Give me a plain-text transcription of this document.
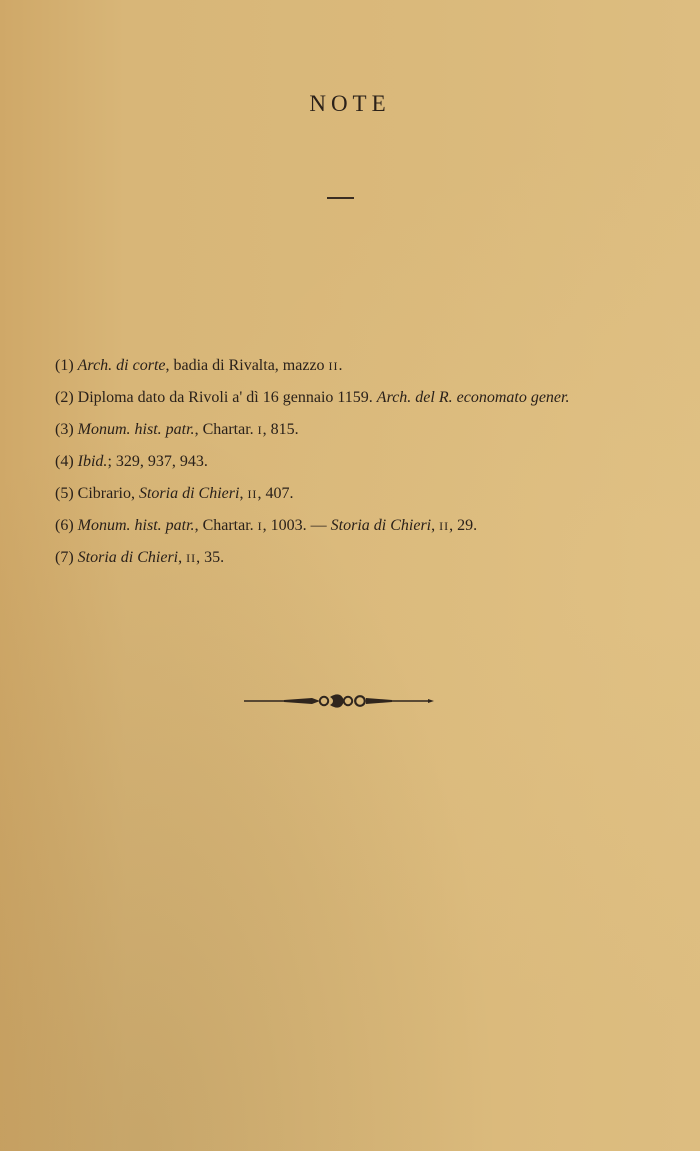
NOTE

(1) Arch. di corte, badia di Rivalta, mazzo II.

(2) Diploma dato da Rivoli a' dì 16 gennaio 1159. Arch. del R. economato gener.

(3) Monum. hist. patr., Chartar. I, 815.

(4) Ibid.; 329, 937, 943.

(5) Cibrario, Storia di Chieri, II, 407.

(6) Monum. hist. patr., Chartar. I, 1003. — Storia di Chieri, II, 29.

(7) Storia di Chieri, II, 35.
